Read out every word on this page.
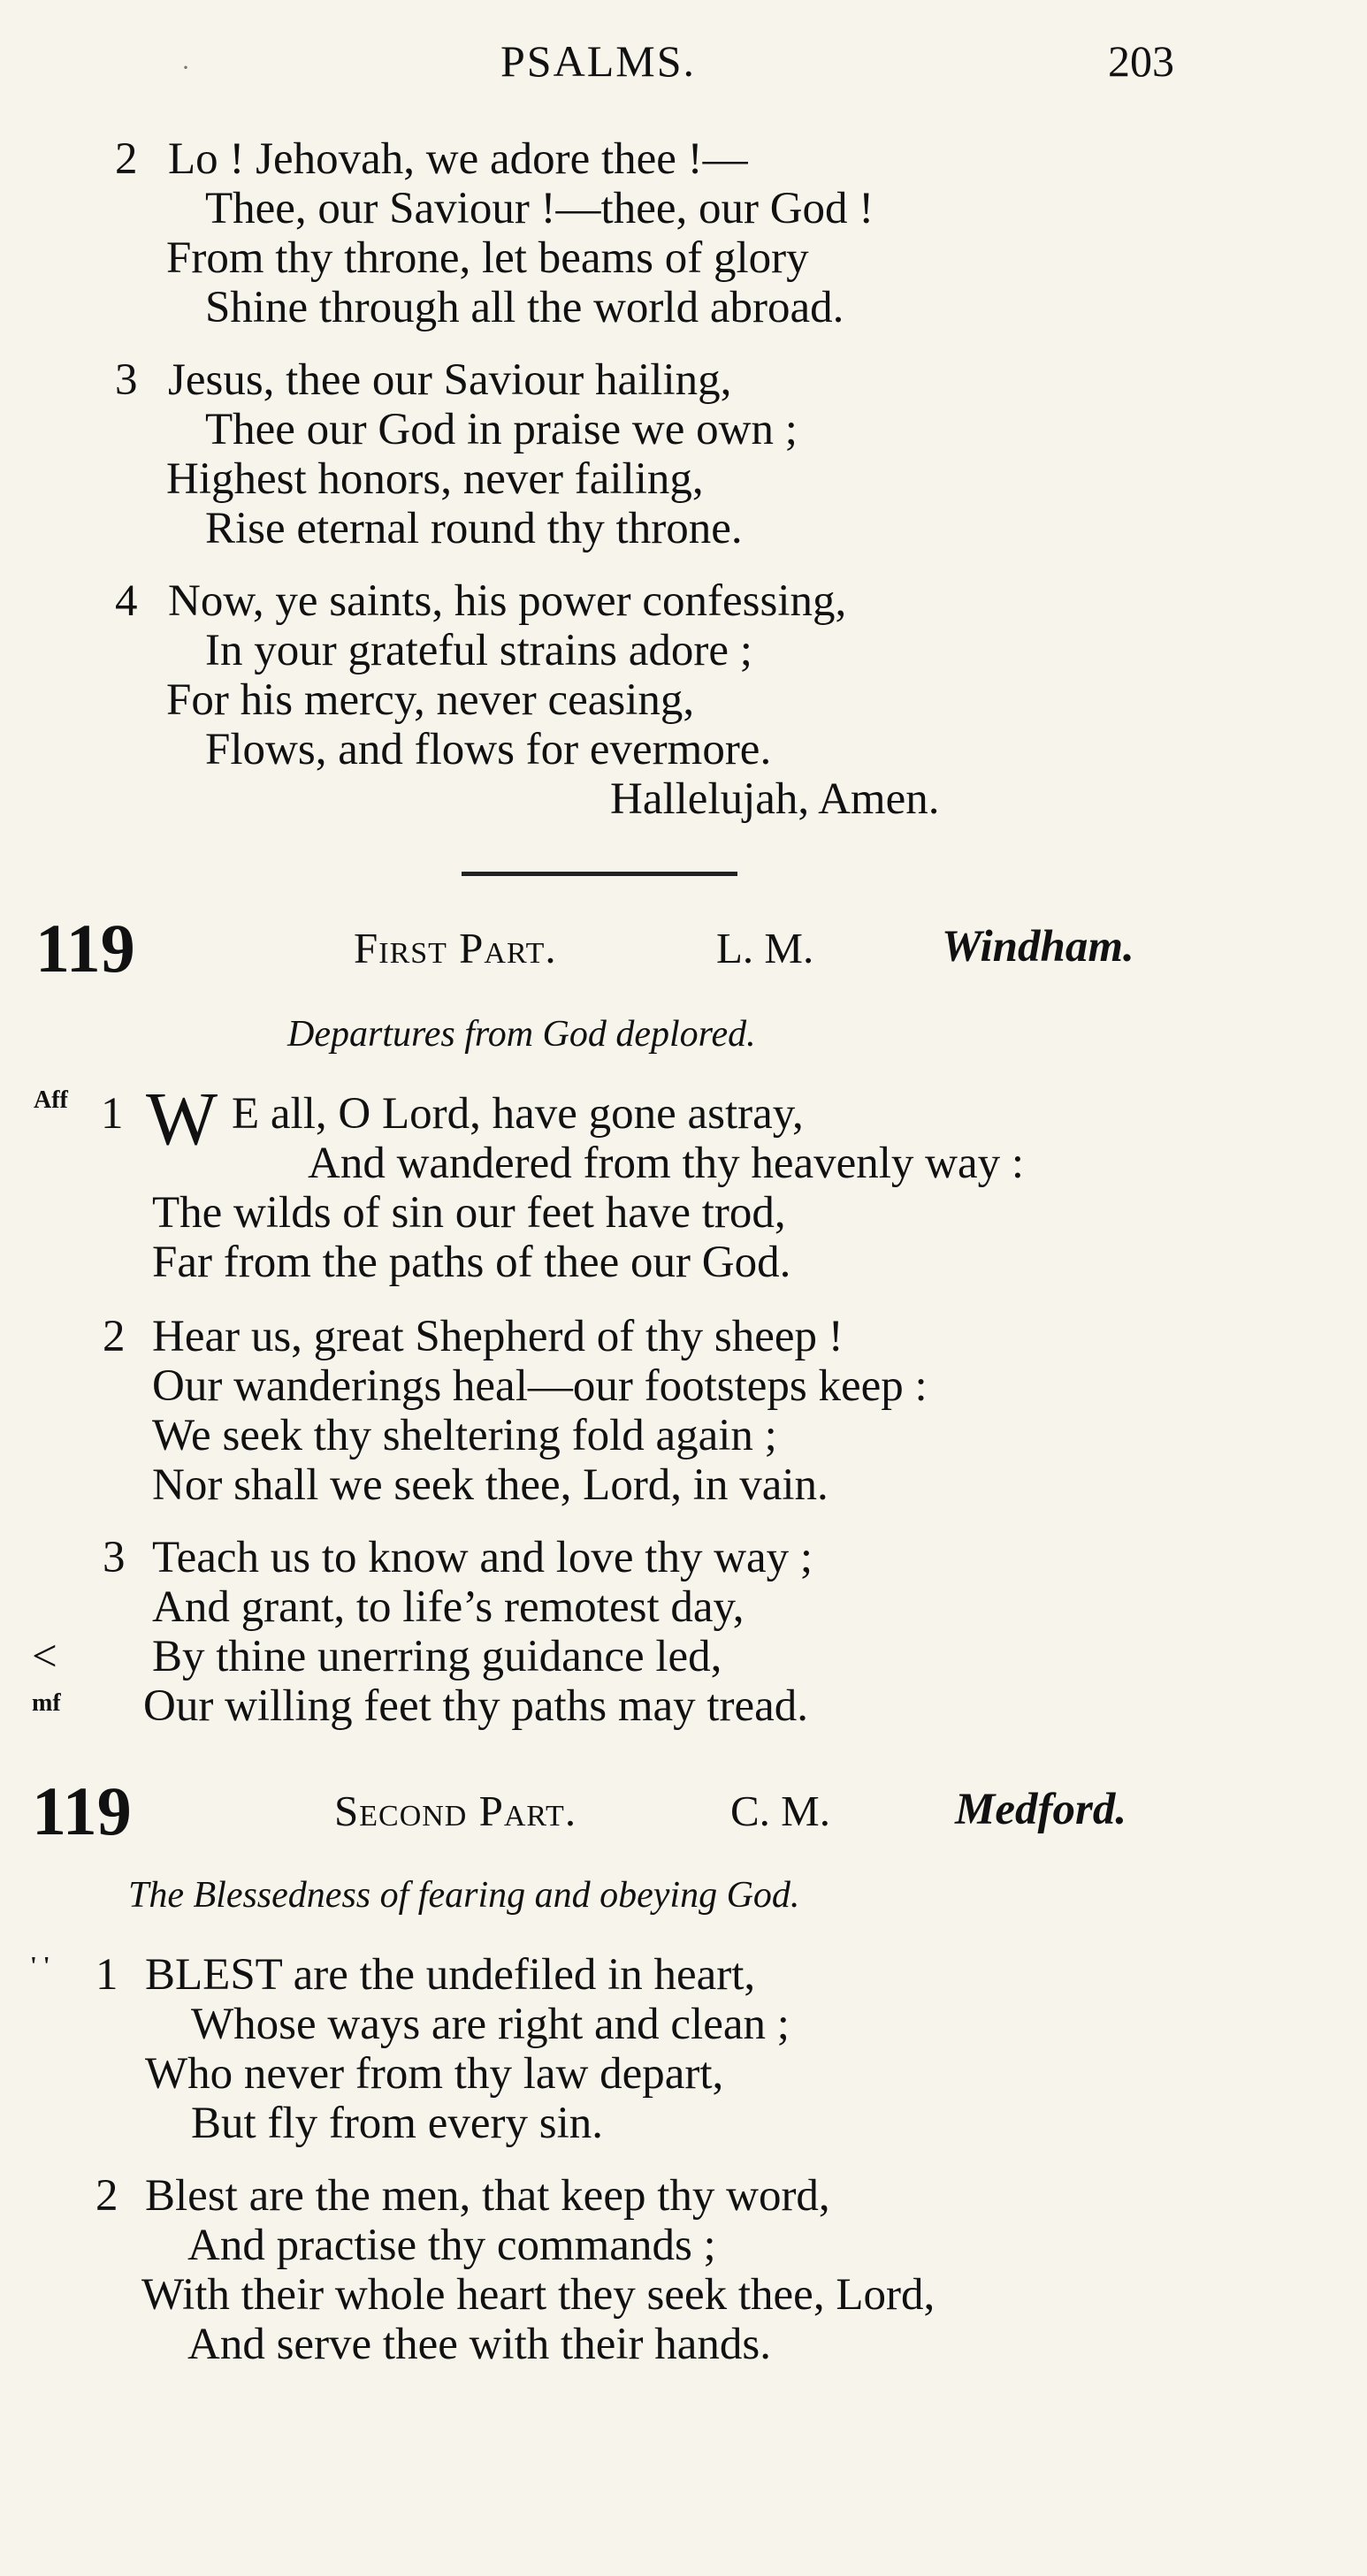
·	PSALMS.	203
2 Lo ! Jehovah, we adore thee !—
Thee, our Saviour !—thee, our God !
From thy throne, let beams of glory
Shine through all the world abroad.
3 Jesus, thee our Saviour hailing,
Thee our God in praise we own ;
Highest honors, never failing,
Rise eternal round thy throne.
4 Now, ye saints, his power confessing,
In your grateful strains adore ;
For his mercy, never ceasing,
Flows, and flows for evermore.
Hallelujah, Amen.
119	First Part.	L. M.	Windham.
Departures from God deplored.
Aff 1 W E all, O Lord, have gone astray,
And wandered from thy heavenly way :
The wilds of sin our feet have trod,
Far from the paths of thee our God.
2 Hear us, great Shepherd of thy sheep !
Our wanderings heal—our footsteps keep :
We seek thy sheltering fold again ;
Nor shall we seek thee, Lord, in vain.
3 Teach us to know and love thy way ;
And grant, to life’s remotest day,
< By thine unerring guidance led,
mf Our willing feet thy paths may tread.
119	Second Part.	C. M.	Medford.
The Blessedness of fearing and obeying God.
' ' 1 BLEST are the undefiled in heart,
Whose ways are right and clean ;
Who never from thy law depart,
But fly from every sin.
2 Blest are the men, that keep thy word,
And practise thy commands ;
With their whole heart they seek thee, Lord,
And serve thee with their hands.
